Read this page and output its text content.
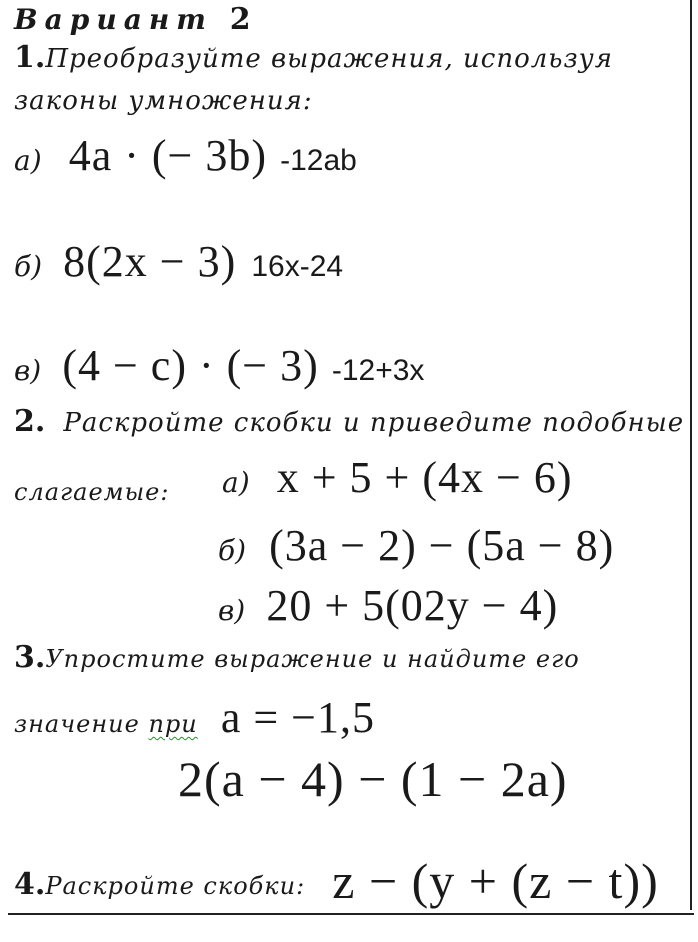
Вариант 2
1.Преобразуйте выражения, используя
законы умножения:
а) 4a · (− 3b) -12ab
б) 8(2x − 3) 16x-24
в) (4 − c) · (− 3) -12+3x
2. Раскройте скобки и приведите подобные
слагаемые: а) x + 5 + (4x − 6)
б) (3a − 2) − (5a − 8)
в) 20 + 5(02y − 4)
3.Упростите выражение и найдите его
значение при a = −1,5
2(a − 4) − (1 − 2a)
4.Раскройте скобки: z − (y + (z − t))
